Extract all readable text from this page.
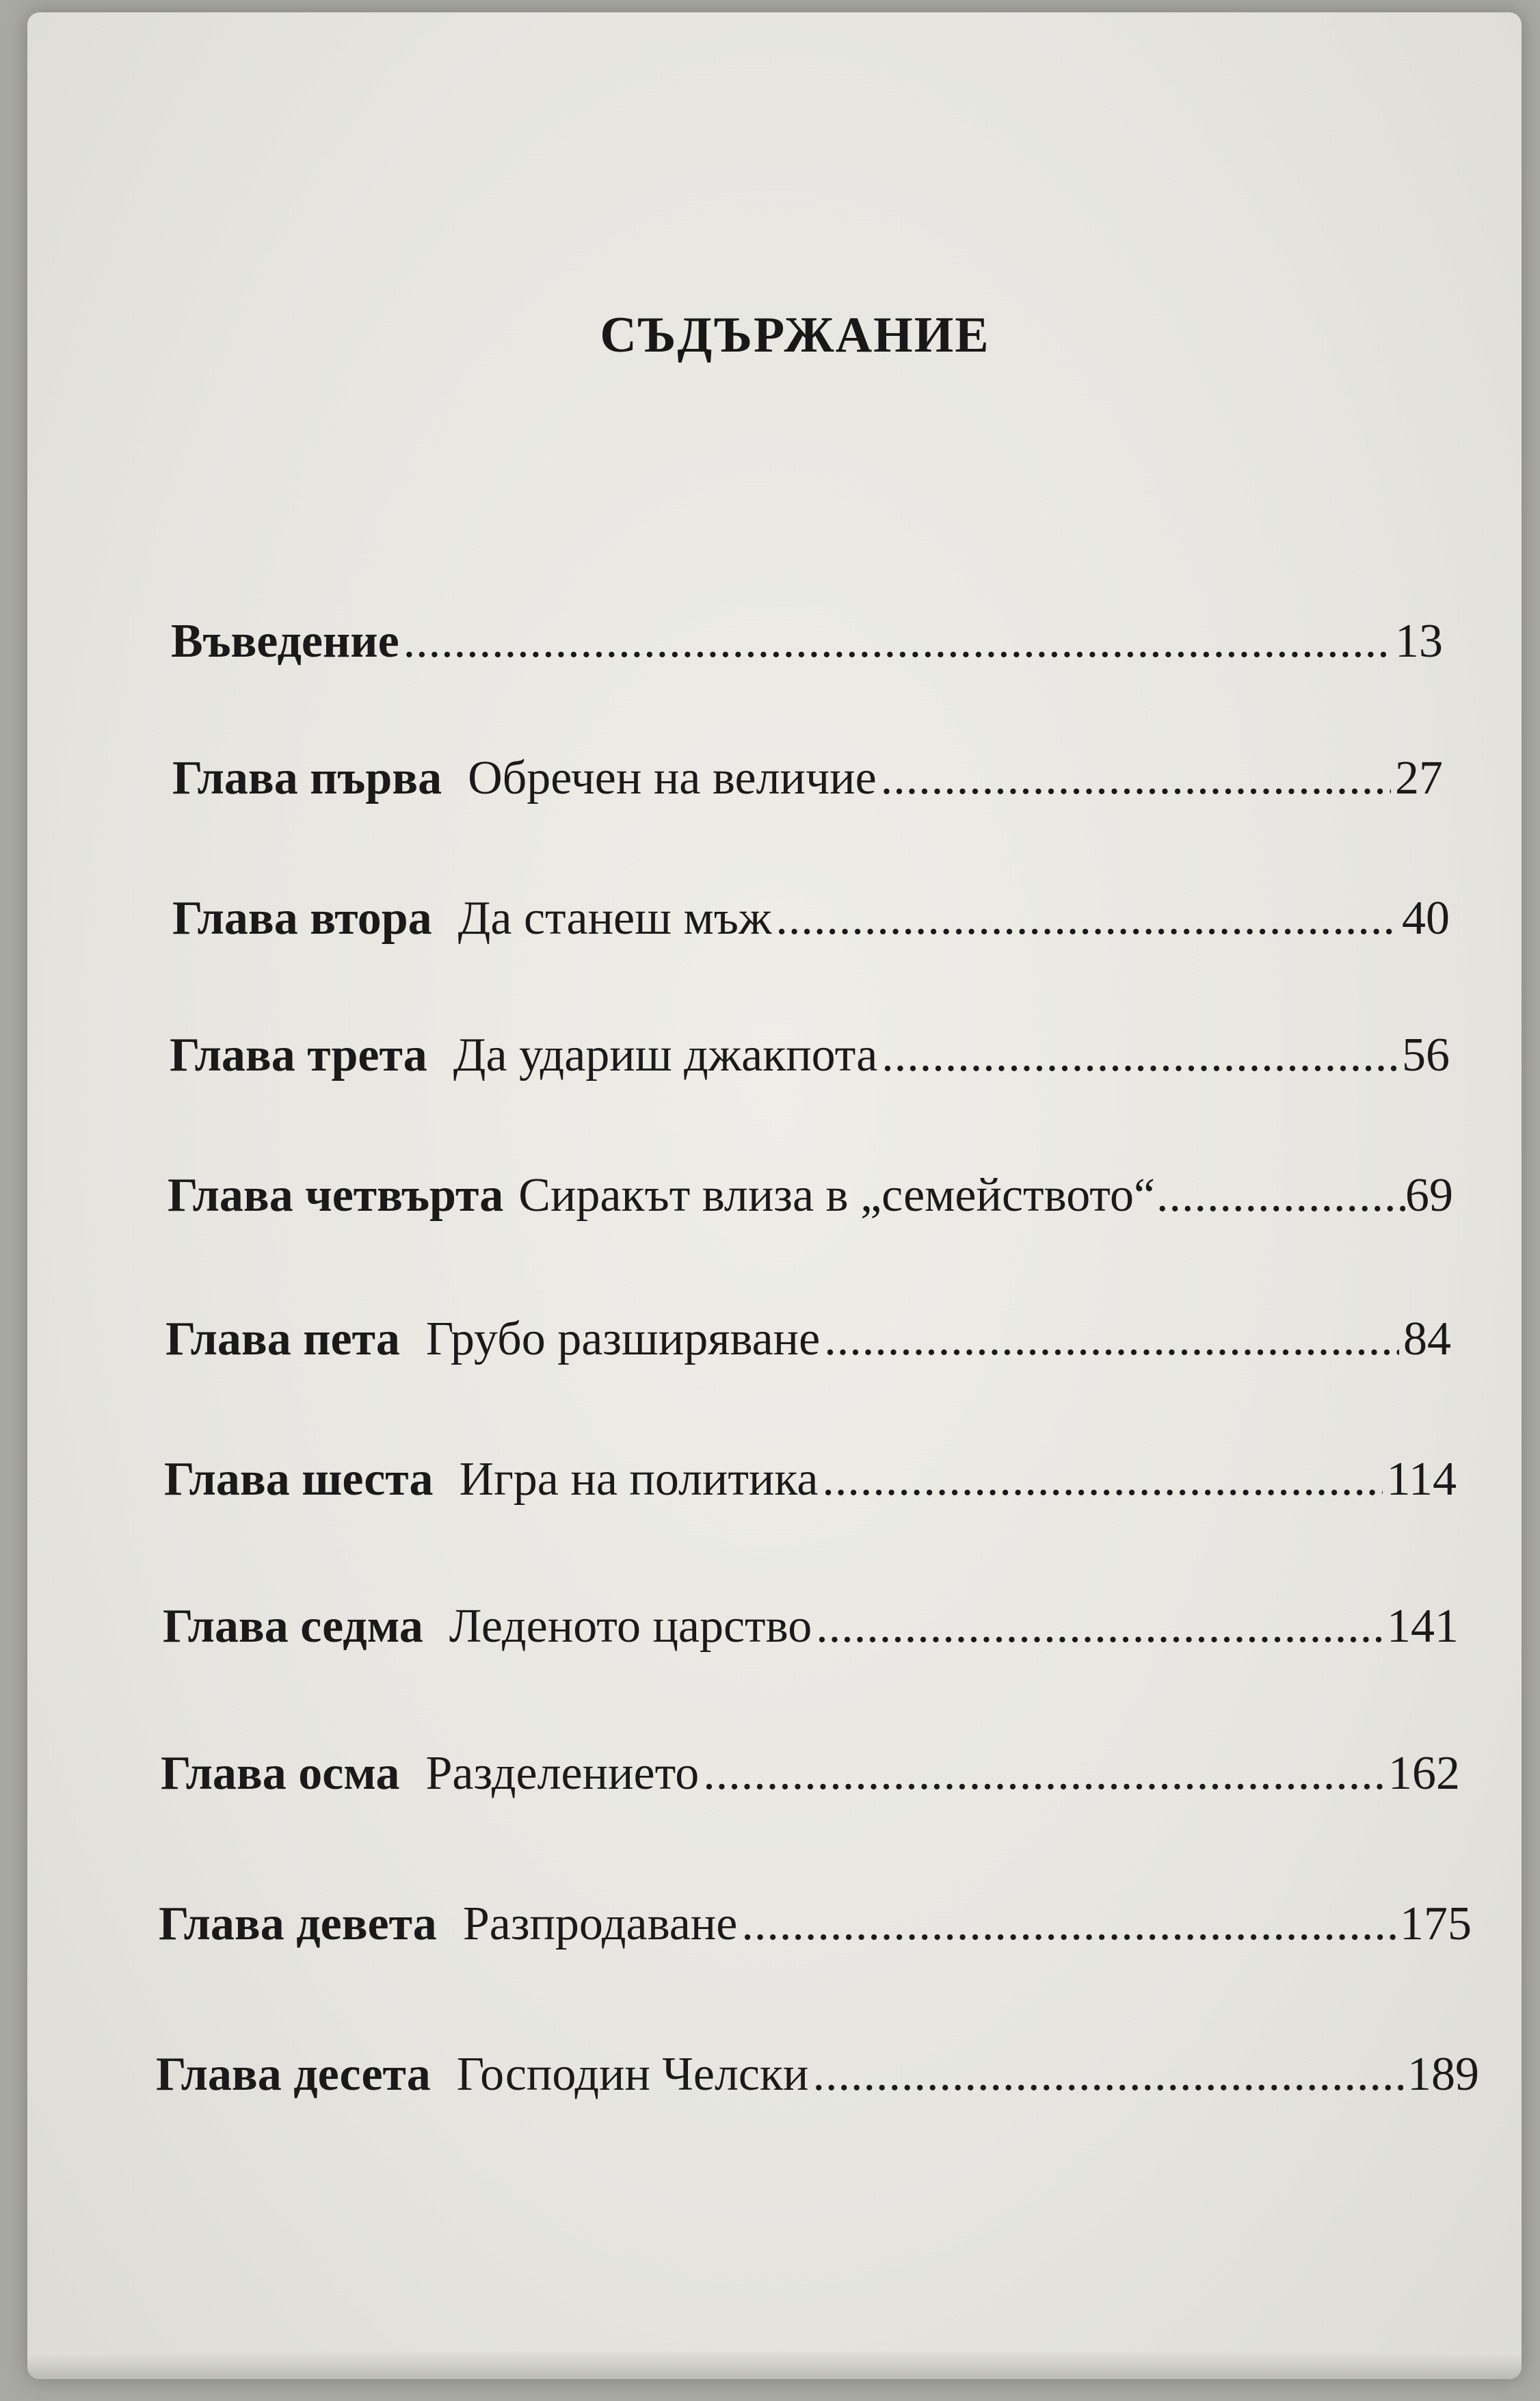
СЪДЪРЖАНИЕ
Въведение .....	13
Глава първа Обречен на величие .....	27
Глава втора Да станеш мъж .....	40
Глава трета Да удариш джакпота .....	56
Глава четвърта Сиракът влиза в „семейството“ .....	69
Глава пета Грубо разширяване .....	84
Глава шеста Игра на политика .....	114
Глава седма Леденото царство .....	141
Глава осма Разделението .....	162
Глава девета Разпродаване .....	175
Глава десета Господин Челски .....	189
